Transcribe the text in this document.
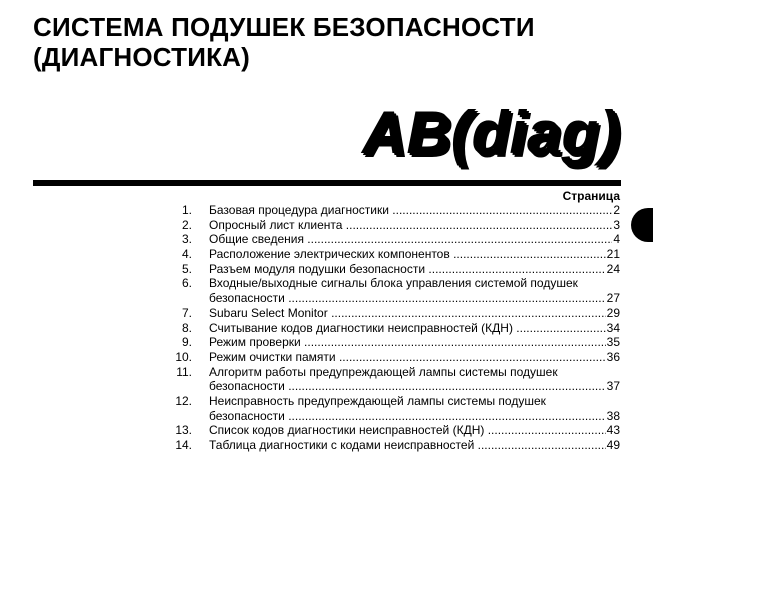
СИСТЕМА ПОДУШЕК БЕЗОПАСНОСТИ
(ДИАГНОСТИКА)
AB(diag)
Страница
1. Базовая процедура диагностики .....	2
2. Опросный лист клиента .....	3
3. Общие сведения .....	4
4. Расположение электрических компонентов .....	21
5. Разъем модуля подушки безопасности .....	24
6. Входные/выходные сигналы блока управления системой подушек
безопасности .....	27
7. Subaru Select Monitor .....	29
8. Считывание кодов диагностики неисправностей (КДН) .....	34
9. Режим проверки .....	35
10. Режим очистки памяти .....	36
11. Алгоритм работы предупреждающей лампы системы подушек
безопасности .....	37
12. Неисправность предупреждающей лампы системы подушек
безопасности .....	38
13. Список кодов диагностики неисправностей (КДН) .....	43
14. Таблица диагностики с кодами неисправностей .....	49
